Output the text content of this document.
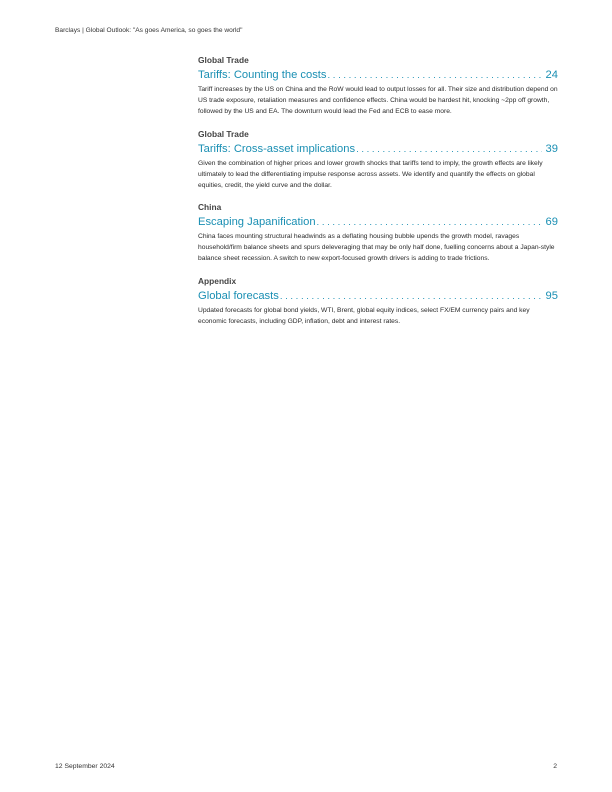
Barclays | Global Outlook: "As goes America, so goes the world"
Global Trade
Tariffs: Counting the costs . . .	24
Tariff increases by the US on China and the RoW would lead to output losses for all. Their size and distribution depend on US trade exposure, retaliation measures and confidence effects. China would be hardest hit, knocking ~2pp off growth, followed by the US and EA. The downturn would lead the Fed and ECB to ease more.
Global Trade
Tariffs: Cross-asset implications . . .	39
Given the combination of higher prices and lower growth shocks that tariffs tend to imply, the growth effects are likely ultimately to lead the differentiating impulse response across assets. We identify and quantify the effects on global equities, credit, the yield curve and the dollar.
China
Escaping Japanification . . .	69
China faces mounting structural headwinds as a deflating housing bubble upends the growth model, ravages household/firm balance sheets and spurs deleveraging that may be only half done, fuelling concerns about a Japan-style balance sheet recession. A switch to new export-focused growth drivers is adding to trade frictions.
Appendix
Global forecasts . . .	95
Updated forecasts for global bond yields, WTI, Brent, global equity indices, select FX/EM currency pairs and key economic forecasts, including GDP, inflation, debt and interest rates.
12 September 2024	2
